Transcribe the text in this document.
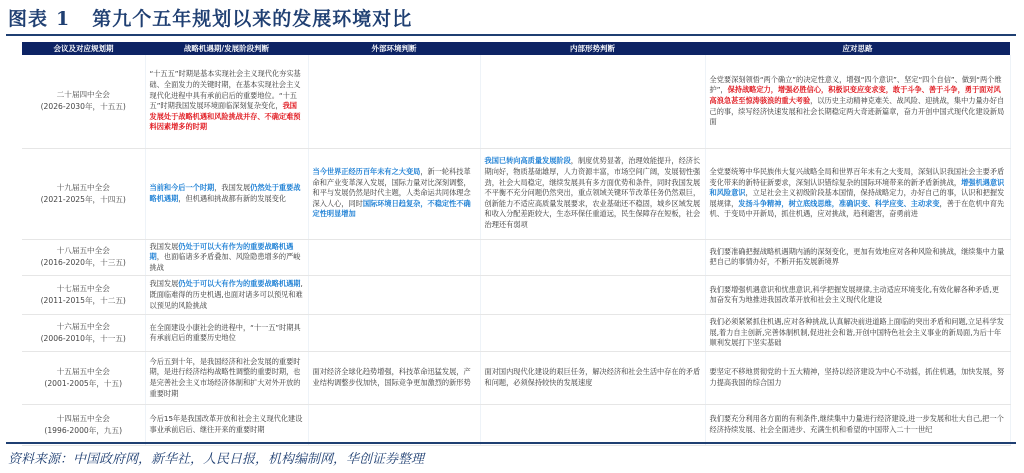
图表 1 第九个五年规划以来的发展环境对比
会议及对应规划期	战略机遇期/发展阶段判断	外部环境判断	内部形势判断	应对思路

二十届四中全会
(2026-2030年，十五五)	“十五五”时期是基本实现社会主义现代化夯实基础、全面发力的关键时期，在基本实现社会主义现代化进程中具有承前启后的重要地位。“十五五”时期我国发展环境面临深刻复杂变化，我国发展处于战略机遇和风险挑战并存、不确定难预料因素增多的时期			全党要深刻领悟“两个确立”的决定性意义，增强“四个意识”、坚定“四个自信”、做到“两个维护”，保持战略定力，增强必胜信心，积极识变应变求变，敢于斗争、善于斗争，勇于面对风高浪急甚至惊涛骇浪的重大考验，以历史主动精神克难关、战风险、迎挑战，集中力量办好自己的事，续写经济快速发展和社会长期稳定两大奇迹新篇章，奋力开创中国式现代化建设新局面

十九届五中全会
(2021-2025年，十四五)	当前和今后一个时期，我国发展仍然处于重要战略机遇期，但机遇和挑战都有新的发展变化	当今世界正经历百年未有之大变局，新一轮科技革命和产业变革深入发展，国际力量对比深刻调整，和平与发展仍然是时代主题，人类命运共同体理念深入人心，同时国际环境日趋复杂，不稳定性不确定性明显增加	我国已转向高质量发展阶段，制度优势显著，治理效能提升，经济长期向好，物质基础雄厚，人力资源丰富，市场空间广阔，发展韧性强劲，社会大局稳定，继续发展具有多方面优势和条件，同时我国发展不平衡不充分问题仍然突出，重点领域关键环节改革任务仍然艰巨，创新能力不适应高质量发展要求，农业基础还不稳固，城乡区域发展和收入分配差距较大，生态环保任重道远，民生保障存在短板，社会治理还有弱项	全党要统筹中华民族伟大复兴战略全局和世界百年未有之大变局，深刻认识我国社会主要矛盾变化带来的新特征新要求，深刻认识错综复杂的国际环境带来的新矛盾新挑战，增强机遇意识和风险意识，立足社会主义初级阶段基本国情，保持战略定力，办好自己的事，认识和把握发展规律，发扬斗争精神，树立底线思维，准确识变、科学应变、主动求变，善于在危机中育先机、于变局中开新局，抓住机遇，应对挑战，趋利避害，奋勇前进

十八届五中全会
(2016-2020年，十三五)	我国发展仍处于可以大有作为的重要战略机遇期，也面临诸多矛盾叠加、风险隐患增多的严峻挑战			我们要准确把握战略机遇期内涵的深刻变化，更加有效地应对各种风险和挑战，继续集中力量把自己的事情办好，不断开拓发展新境界

十七届五中全会
(2011-2015年，十二五)	我国发展仍处于可以大有作为的重要战略机遇期,既面临难得的历史机遇,也面对诸多可以预见和难以预见的风险挑战			我们要增强机遇意识和忧患意识,科学把握发展规律,主动适应环境变化,有效化解各种矛盾,更加奋发有为地推进我国改革开放和社会主义现代化建设

十六届五中全会
(2006-2010年，十一五)	在全面建设小康社会的进程中，“十一五”时期具有承前启后的重要历史地位			我们必须紧紧抓住机遇,应对各种挑战,认真解决前进道路上面临的突出矛盾和问题,立足科学发展,着力自主创新,完善体制机制,促进社会和谐,开创中国特色社会主义事业的新局面,为后十年顺利发展打下坚实基础

十五届五中全会
(2001-2005年，十五)	今后五到十年，是我国经济和社会发展的重要时期，是进行经济结构战略性调整的重要时期，也是完善社会主义市场经济体制和扩大对外开放的重要时期	面对经济全球化趋势增强，科技革命迅猛发展，产业结构调整步伐加快，国际竞争更加激烈的新形势	面对国内现代化建设的艰巨任务，解决经济和社会生活中存在的矛盾和问题，必须保持较快的发展速度	要坚定不移地贯彻党的十五大精神，坚持以经济建设为中心不动摇，抓住机遇，加快发展，努力提高我国的综合国力

十四届五中全会
(1996-2000年，九五)	今后15年是我国改革开放和社会主义现代化建设事业承前启后、继往开来的重要时期			我们要充分利用各方面的有利条件,继续集中力量进行经济建设,进一步发展和壮大自己,把一个经济持续发展、社会全面进步、充满生机和希望的中国带入二十一世纪
资料来源：中国政府网，新华社，人民日报，机构编制网，华创证券整理
